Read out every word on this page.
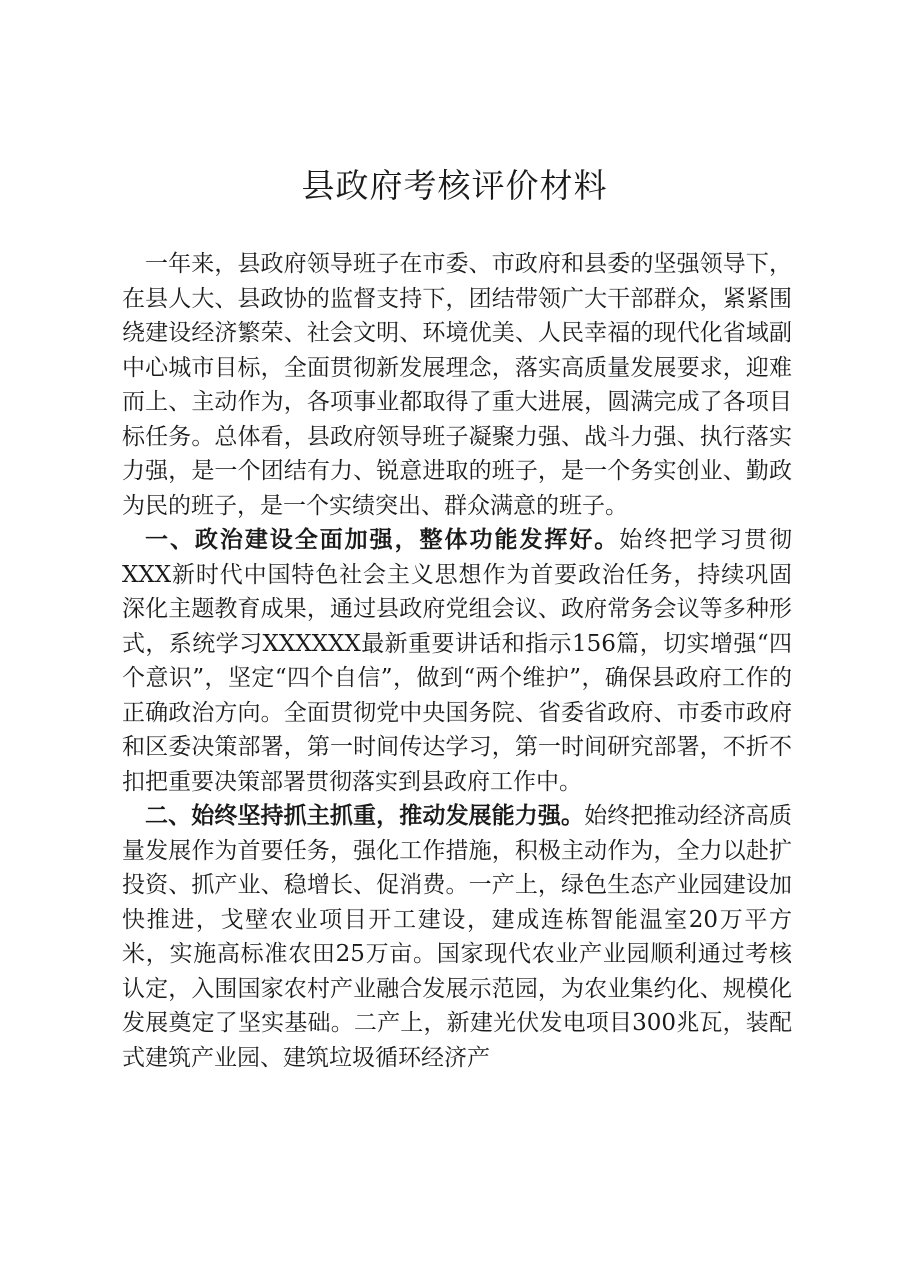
县政府考核评价材料

一年来，县政府领导班子在市委、市政府和县委的坚强领导下，在县人大、县政协的监督支持下，团结带领广大干部群众，紧紧围绕建设经济繁荣、社会文明、环境优美、人民幸福的现代化省域副中心城市目标，全面贯彻新发展理念，落实高质量发展要求，迎难而上、主动作为，各项事业都取得了重大进展，圆满完成了各项目标任务。总体看，县政府领导班子凝聚力强、战斗力强、执行落实力强，是一个团结有力、锐意进取的班子，是一个务实创业、勤政为民的班子，是一个实绩突出、群众满意的班子。

一、政治建设全面加强，整体功能发挥好。始终把学习贯彻XXX新时代中国特色社会主义思想作为首要政治任务，持续巩固深化主题教育成果，通过县政府党组会议、政府常务会议等多种形式，系统学习XXXXXX最新重要讲话和指示156篇，切实增强“四个意识”，坚定“四个自信”，做到“两个维护”，确保县政府工作的正确政治方向。全面贯彻党中央国务院、省委省政府、市委市政府和区委决策部署，第一时间传达学习，第一时间研究部署，不折不扣把重要决策部署贯彻落实到县政府工作中。

二、始终坚持抓主抓重，推动发展能力强。始终把推动经济高质量发展作为首要任务，强化工作措施，积极主动作为，全力以赴扩投资、抓产业、稳增长、促消费。一产上，绿色生态产业园建设加快推进，戈壁农业项目开工建设，建成连栋智能温室20万平方米，实施高标准农田25万亩。国家现代农业产业园顺利通过考核认定，入围国家农村产业融合发展示范园，为农业集约化、规模化发展奠定了坚实基础。二产上，新建光伏发电项目300兆瓦，装配式建筑产业园、建筑垃圾循环经济产
